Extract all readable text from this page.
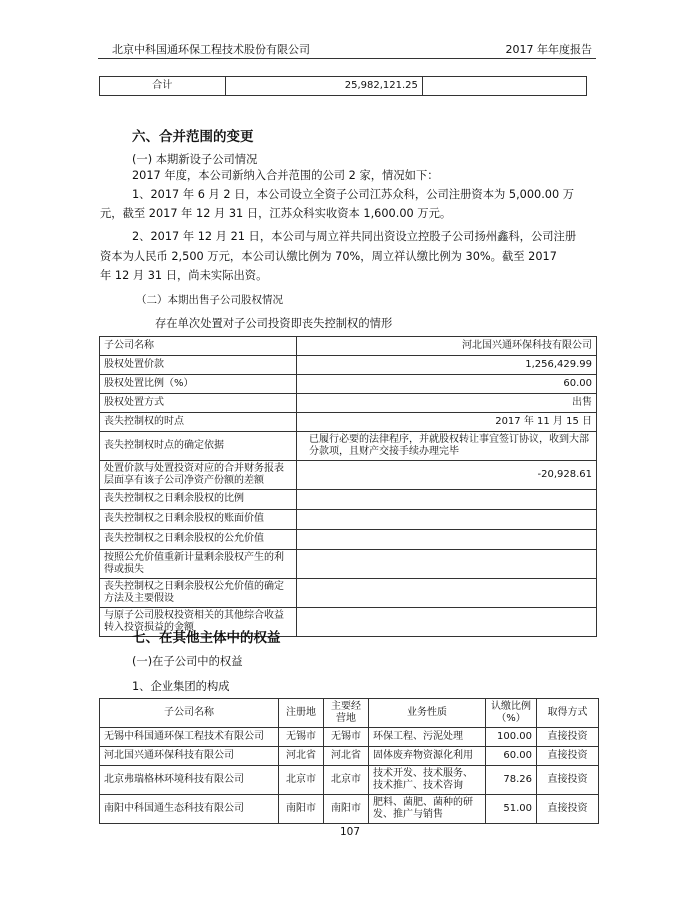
北京中科国通环保工程技术股份有限公司	2017 年年度报告
合计	25,982,121.25	
六、合并范围的变更
(一) 本期新设子公司情况
2017 年度，本公司新纳入合并范围的公司 2 家，情况如下：
1、2017 年 6 月 2 日，本公司设立全资子公司江苏众科，公司注册资本为 5,000.00 万
元，截至 2017 年 12 月 31 日，江苏众科实收资本 1,600.00 万元。
2、2017 年 12 月 21 日，本公司与周立祥共同出资设立控股子公司扬州鑫科，公司注册
资本为人民币 2,500 万元，本公司认缴比例为 70%，周立祥认缴比例为 30%。截至 2017
年 12 月 31 日，尚未实际出资。
（二）本期出售子公司股权情况
存在单次处置对子公司投资即丧失控制权的情形
子公司名称	河北国兴通环保科技有限公司
股权处置价款	1,256,429.99
股权处置比例（%）	60.00
股权处置方式	出售
丧失控制权的时点	2017 年 11 月 15 日
丧失控制权时点的确定依据	已履行必要的法律程序，并就股权转让事宜签订协议，收到大部分款项，且财产交接手续办理完毕
处置价款与处置投资对应的合并财务报表层面享有该子公司净资产份额的差额	-20,928.61
丧失控制权之日剩余股权的比例	
丧失控制权之日剩余股权的账面价值	
丧失控制权之日剩余股权的公允价值	
按照公允价值重新计量剩余股权产生的利得或损失	
丧失控制权之日剩余股权公允价值的确定方法及主要假设	
与原子公司股权投资相关的其他综合收益转入投资损益的金额	
七、在其他主体中的权益
(一)在子公司中的权益
1、企业集团的构成
子公司名称	注册地	主要经营地	业务性质	认缴比例（%）	取得方式
无锡中科国通环保工程技术有限公司	无锡市	无锡市	环保工程、污泥处理	100.00	直接投资
河北国兴通环保科技有限公司	河北省	河北省	固体废弃物资源化利用	60.00	直接投资
北京弗瑞格林环境科技有限公司	北京市	北京市	技术开发、技术服务、技术推广、技术咨询	78.26	直接投资
南阳中科国通生态科技有限公司	南阳市	南阳市	肥料、菌肥、菌种的研发、推广与销售	51.00	直接投资
107
